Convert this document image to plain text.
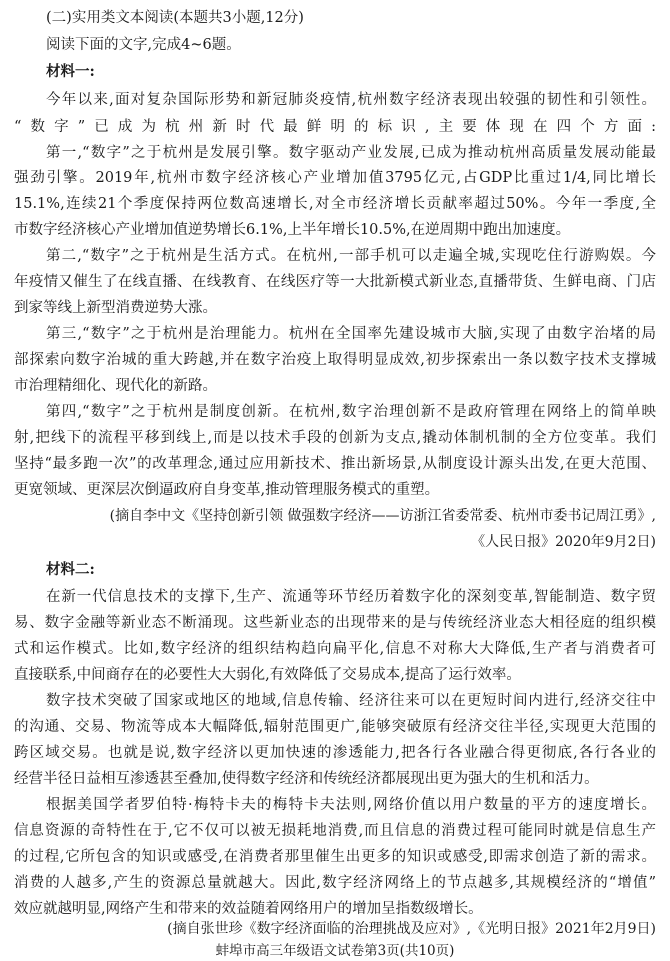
(二)实用类文本阅读(本题共3小题,12分)
阅读下面的文字,完成4~6题。
材料一:
今年以来,面对复杂国际形势和新冠肺炎疫情,杭州数字经济表现出较强的韧性和引领性。
“数字”已成为杭州新时代最鲜明的标识,主要体现在四个方面:
第一,“数字”之于杭州是发展引擎。数字驱动产业发展,已成为推动杭州高质量发展动能最
强劲引擎。2019年,杭州市数字经济核心产业增加值3795亿元,占GDP比重过1/4,同比增长
15.1%,连续21个季度保持两位数高速增长,对全市经济增长贡献率超过50%。今年一季度,全
市数字经济核心产业增加值逆势增长6.1%,上半年增长10.5%,在逆周期中跑出加速度。
第二,“数字”之于杭州是生活方式。在杭州,一部手机可以走遍全城,实现吃住行游购娱。今
年疫情又催生了在线直播、在线教育、在线医疗等一大批新模式新业态,直播带货、生鲜电商、门店
到家等线上新型消费逆势大涨。
第三,“数字”之于杭州是治理能力。杭州在全国率先建设城市大脑,实现了由数字治堵的局
部探索向数字治城的重大跨越,并在数字治疫上取得明显成效,初步探索出一条以数字技术支撑城
市治理精细化、现代化的新路。
第四,“数字”之于杭州是制度创新。在杭州,数字治理创新不是政府管理在网络上的简单映
射,把线下的流程平移到线上,而是以技术手段的创新为支点,撬动体制机制的全方位变革。我们
坚持“最多跑一次”的改革理念,通过应用新技术、推出新场景,从制度设计源头出发,在更大范围、
更宽领域、更深层次倒逼政府自身变革,推动管理服务模式的重塑。
(摘自李中文《坚持创新引领 做强数字经济——访浙江省委常委、杭州市委书记周江勇》,
《人民日报》2020年9月2日)
材料二:
在新一代信息技术的支撑下,生产、流通等环节经历着数字化的深刻变革,智能制造、数字贸
易、数字金融等新业态不断涌现。这些新业态的出现带来的是与传统经济业态大相径庭的组织模
式和运作模式。比如,数字经济的组织结构趋向扁平化,信息不对称大大降低,生产者与消费者可
直接联系,中间商存在的必要性大大弱化,有效降低了交易成本,提高了运行效率。
数字技术突破了国家或地区的地域,信息传输、经济往来可以在更短时间内进行,经济交往中
的沟通、交易、物流等成本大幅降低,辐射范围更广,能够突破原有经济交往半径,实现更大范围的
跨区域交易。也就是说,数字经济以更加快速的渗透能力,把各行各业融合得更彻底,各行各业的
经营半径日益相互渗透甚至叠加,使得数字经济和传统经济都展现出更为强大的生机和活力。
根据美国学者罗伯特·梅特卡夫的梅特卡夫法则,网络价值以用户数量的平方的速度增长。
信息资源的奇特性在于,它不仅可以被无损耗地消费,而且信息的消费过程可能同时就是信息生产
的过程,它所包含的知识或感受,在消费者那里催生出更多的知识或感受,即需求创造了新的需求。
消费的人越多,产生的资源总量就越大。因此,数字经济网络上的节点越多,其规模经济的“增值”
效应就越明显,网络产生和带来的效益随着网络用户的增加呈指数级增长。
(摘自张世珍《数字经济面临的治理挑战及应对》,《光明日报》2021年2月9日)
蚌埠市高三年级语文试卷第3页(共10页)
